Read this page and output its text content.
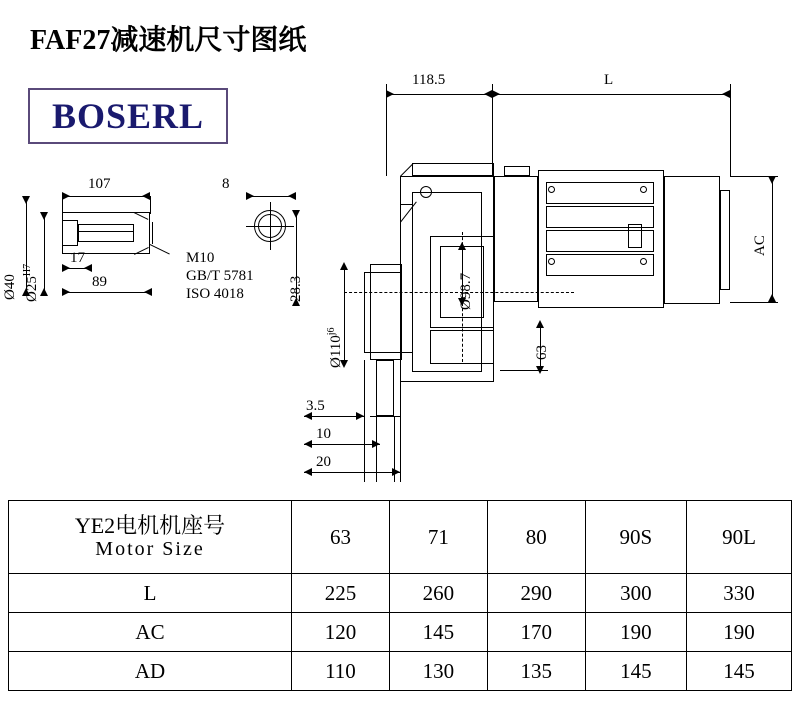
FAF27减速机尺寸图纸
BOSERL
107
Ø40 $Ø25^{H7}$
17
89
M10
GB/T 5781
ISO 4018
8
28.3
118.5	L
AC
Ø98.7
$Ø110^{j6}$
63
3.5
10
20
YE2电机机座号
Motor Size	63	71	80	90S	90L
L	225	260	290	300	330
AC	120	145	170	190	190
AD	110	130	135	145	145
